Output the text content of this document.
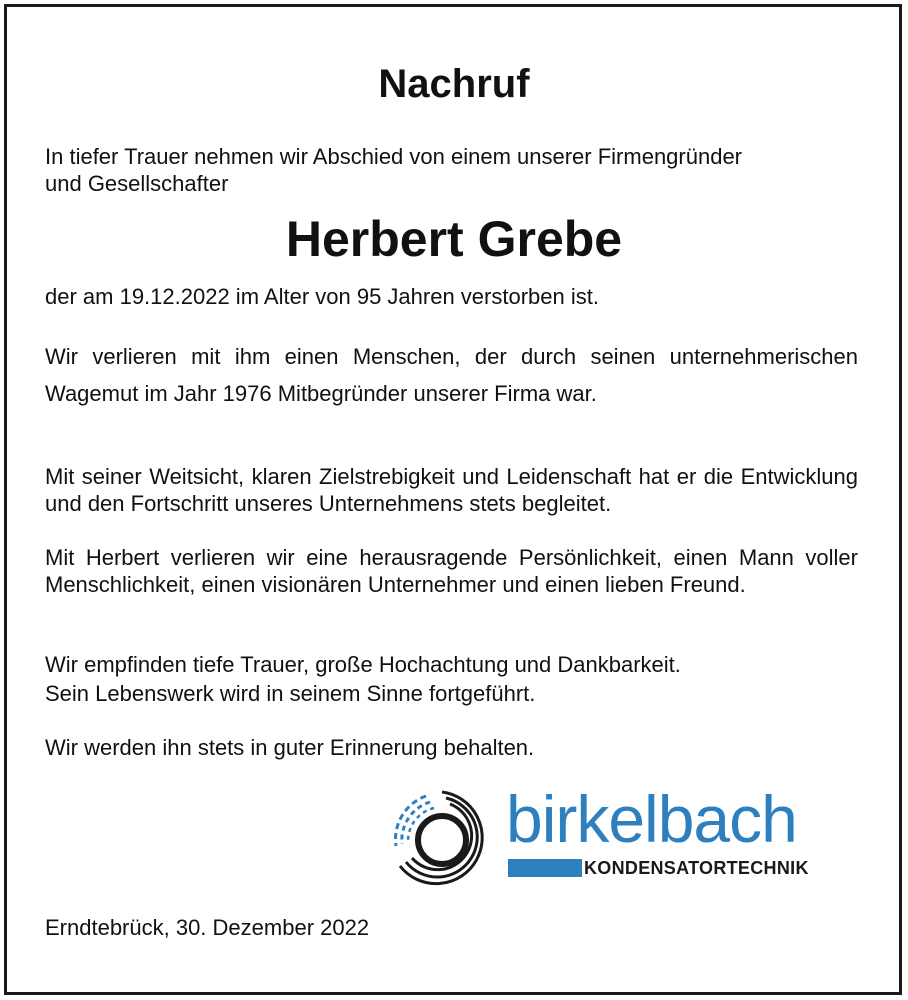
Nachruf

In tiefer Trauer nehmen wir Abschied von einem unserer Firmengründer

und Gesellschafter

Herbert Grebe

der am 19.12.2022 im Alter von 95 Jahren verstorben ist.

Wir verlieren mit ihm einen Menschen, der durch seinen unternehmerischen Wagemut im Jahr 1976 Mitbegründer unserer Firma war.

Mit seiner Weitsicht, klaren Zielstrebigkeit und Leidenschaft hat er die Entwicklung und den Fortschritt unseres Unternehmens stets begleitet.

Mit Herbert verlieren wir eine herausragende Persönlichkeit, einen Mann voller Menschlichkeit, einen visionären Unternehmer und einen lieben Freund.

Wir empfinden tiefe Trauer, große Hochachtung und Dankbarkeit.

Sein Lebenswerk wird in seinem Sinne fortgeführt.

Wir werden ihn stets in guter Erinnerung behalten.

birkelbach
KONDENSATORTECHNIK

Erndtebrück, 30. Dezember 2022
